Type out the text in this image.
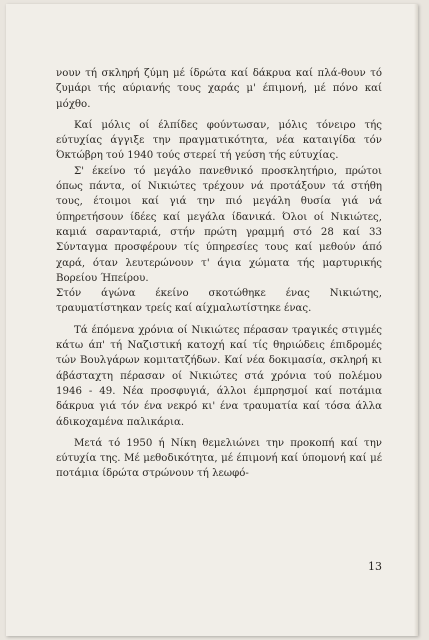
νουν τή σκληρή ζύμη μέ ίδρώτα καί δάκρυα καί πλά-θουν τό ζυμάρι τής αύριανής τους χαράς μ' έπιμονή, μέ πόνο καί μόχθο.

Καί μόλις οί έλπίδες φούντωσαν, μόλις τόνειρο τής εύτυχίας άγγιξε την πραγματικότητα, νέα καταιγίδα τόν Όκτώβρη τού 1940 τούς στερεί τή γεύση τής εύτυχίας.

Σ' έκείνο τό μεγάλο πανεθνικό προσκλητήριο, πρώτοι όπως πάντα, οί Νικιώτες τρέχουν νά προτάξουν τά στήθη τους, έτοιμοι καί γιά την πιό μεγάλη θυσία γιά νά ύπηρετήσουν ίδέες καί μεγάλα ίδανικά. Όλοι οί Νικιώτες, καμιά σαρανταριά, στήν πρώτη γραμμή στό 28 καί 33 Σύνταγμα προσφέρουν τίς ύπηρεσίες τους καί μεθούν άπό χαρά, όταν λευτερώνουν τ' άγια χώματα τής μαρτυρικής Βορείου Ήπείρου.

Στόν άγώνα έκείνο σκοτώθηκε ένας Νικιώτης, τραυματίστηκαν τρείς καί αίχμαλωτίστηκε ένας.

Τά έπόμενα χρόνια οί Νικιώτες πέρασαν τραγικές στιγμές κάτω άπ' τή Ναζιστική κατοχή καί τίς θηριώδεις έπιδρομές τών Βουλγάρων κομιτατζήδων. Καί νέα δοκιμασία, σκληρή κι άβάσταχτη πέρασαν οί Νικιώτες στά χρόνια τού πολέμου 1946 - 49. Νέα προσφυγιά, άλλοι έμπρησμοί καί ποτάμια δάκρυα γιά τόν ένα νεκρό κι' ένα τραυματία καί τόσα άλλα άδικοχαμένα παλικάρια.

Μετά τό 1950 ή Νίκη θεμελιώνει την προκοπή καί την εύτυχία της. Μέ μεθοδικότητα, μέ έπιμονή καί ύπομονή καί μέ ποτάμια ίδρώτα στρώνουν τή λεωφό-

13
